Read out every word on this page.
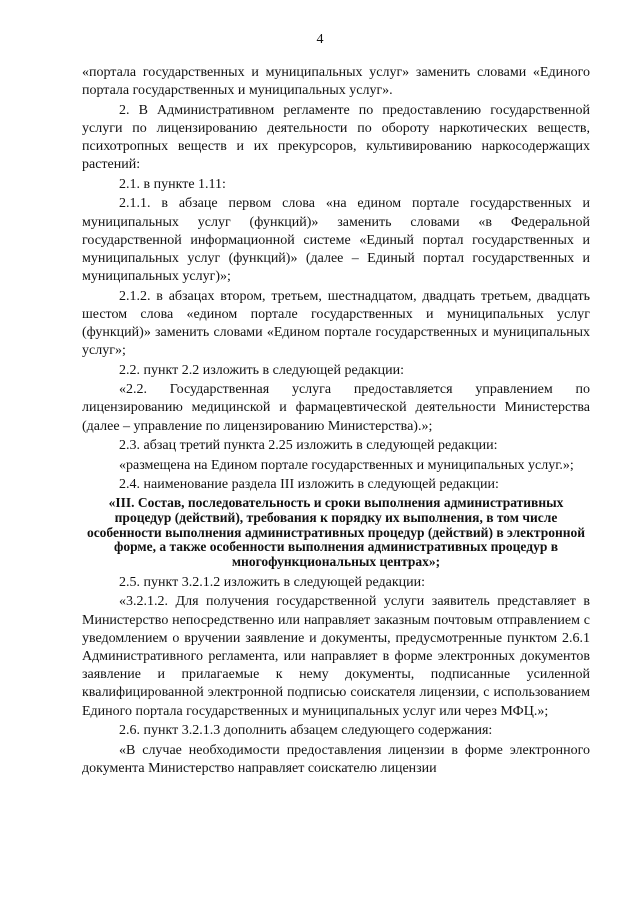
4

«портала государственных и муниципальных услуг» заменить словами «Единого портала государственных и муниципальных услуг».

2. В Административном регламенте по предоставлению государственной услуги по лицензированию деятельности по обороту наркотических веществ, психотропных веществ и их прекурсоров, культивированию наркосодержащих растений:

2.1. в пункте 1.11:

2.1.1. в абзаце первом слова «на едином портале государственных и муниципальных услуг (функций)» заменить словами «в Федеральной государственной информационной системе «Единый портал государственных и муниципальных услуг (функций)» (далее – Единый портал государственных и муниципальных услуг)»;

2.1.2. в абзацах втором, третьем, шестнадцатом, двадцать третьем, двадцать шестом слова «едином портале государственных и муниципальных услуг (функций)» заменить словами «Едином портале государственных и муниципальных услуг»;

2.2. пункт 2.2 изложить в следующей редакции:

«2.2. Государственная услуга предоставляется управлением по лицензированию медицинской и фармацевтической деятельности Министерства (далее – управление по лицензированию Министерства).»;

2.3. абзац третий пункта 2.25 изложить в следующей редакции:

«размещена на Едином портале государственных и муниципальных услуг.»;

2.4. наименование раздела III изложить в следующей редакции:

«III. Состав, последовательность и сроки выполнения административных процедур (действий), требования к порядку их выполнения, в том числе особенности выполнения административных процедур (действий) в электронной форме, а также особенности выполнения административных процедур в многофункциональных центрах»;

2.5. пункт 3.2.1.2 изложить в следующей редакции:

«3.2.1.2. Для получения государственной услуги заявитель представляет в Министерство непосредственно или направляет заказным почтовым отправлением с уведомлением о вручении заявление и документы, предусмотренные пунктом 2.6.1 Административного регламента, или направляет в форме электронных документов заявление и прилагаемые к нему документы, подписанные усиленной квалифицированной электронной подписью соискателя лицензии, с использованием Единого портала государственных и муниципальных услуг или через МФЦ.»;

2.6. пункт 3.2.1.3 дополнить абзацем следующего содержания:

«В случае необходимости предоставления лицензии в форме электронного документа Министерство направляет соискателю лицензии
